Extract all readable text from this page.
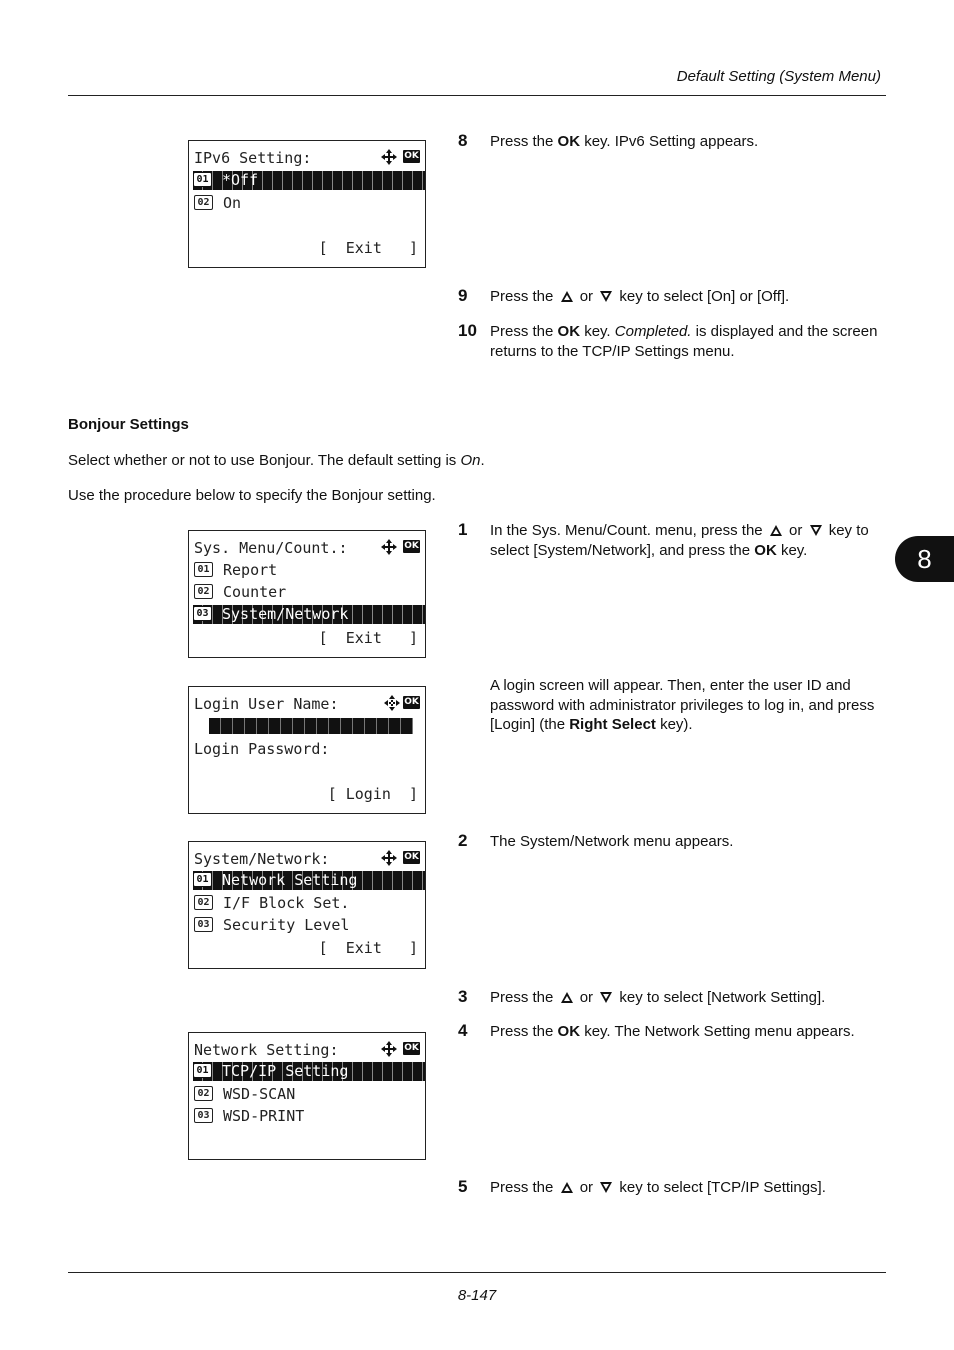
Default Setting (System Menu)
8
IPv6 Setting:	OK
01 *Off
02 On
[  Exit   ]
8 Press the OK key. IPv6 Setting appears.
9 Press the or key to select [On] or [Off].
10 Press the OK key. Completed. is displayed and the screen returns to the TCP/IP Settings menu.
Bonjour Settings
Select whether or not to use Bonjour. The default setting is On.
Use the procedure below to specify the Bonjour setting.
Sys. Menu/Count.:	OK
01 Report
02 Counter
03 System/Network
[  Exit   ]
1 In the Sys. Menu/Count. menu, press the or key to select [System/Network], and press the OK key.
Login User Name:	OK
Login Password:
[ Login  ]
A login screen will appear. Then, enter the user ID and password with administrator privileges to log in, and press [Login] (the Right Select key).
System/Network:	OK
01 Network Setting
02 I/F Block Set.
03 Security Level
[  Exit   ]
2 The System/Network menu appears.
3 Press the or key to select [Network Setting].
Network Setting:	OK
01 TCP/IP Setting
02 WSD-SCAN
03 WSD-PRINT
4 Press the OK key. The Network Setting menu appears.
5 Press the or key to select [TCP/IP Settings].
8-147
